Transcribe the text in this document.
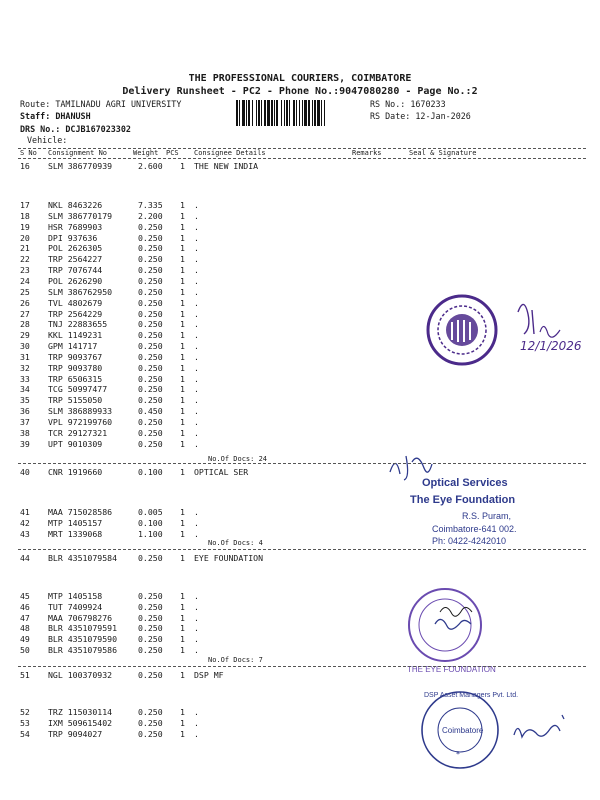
THE PROFESSIONAL COURIERS, COIMBATORE
Delivery Runsheet - PC2 - Phone No.:9047080280 - Page No.:2
Route: TAMILNADU AGRI UNIVERSITY
Staff: DHANUSH
DRS No.: DCJB167023302
Vehicle:
RS No.: 1670233
RS Date: 12-Jan-2026
S No Consignment No	Weight PCS Consignee Details	Remarks	Seal & Signature
16 SLM 386770939	2.600 1 THE NEW INDIA
17 NKL 8463226	7.335 1 .
18 SLM 386770179	2.200 1 .
19 HSR 7689903	0.250 1 .
20 DPI 937636	0.250 1 .
21 POL 2626305	0.250 1 .
22 TRP 2564227	0.250 1 .
23 TRP 7076744	0.250 1 .
24 POL 2626290	0.250 1 .
25 SLM 386762950	0.250 1 .
26 TVL 4802679	0.250 1 .
27 TRP 2564229	0.250 1 .
28 TNJ 22883655	0.250 1 .
29 KKL 1149231	0.250 1 .
30 GPM 141717	0.250 1 .
31 TRP 9093767	0.250 1 .
32 TRP 9093780	0.250 1 .
33 TRP 6506315	0.250 1 .
34 TCG 50997477	0.250 1 .
35 TRP 5155050	0.250 1 .
36 SLM 386889933	0.450 1 .
37 VPL 972199760	0.250 1 .
38 TCR 29127321	0.250 1 .
39 UPT 9010309	0.250 1 .
40 CNR 1919660	0.100 1 OPTICAL SER
41 MAA 715028586	0.005 1 .
42 MTP 1405157	0.100 1 .
43 MRT 1339068	1.100 1 .
44 BLR 4351079584	0.250 1 EYE FOUNDATION
45 MTP 1405158	0.250 1 .
46 TUT 7409924	0.250 1 .
47 MAA 706798276	0.250 1 .
48 BLR 4351079591	0.250 1 .
49 BLR 4351079590	0.250 1 .
50 BLR 4351079586	0.250 1 .
51 NGL 100370932	0.250 1 DSP MF
52 TRZ 115030114	0.250 1 .
53 IXM 509615402	0.250 1 .
54 TRP 9094027	0.250 1 .
No.Of Docs: 24
No.Of Docs: 4
No.Of Docs: 7
12/1/2026
Optical Services
The Eye Foundation
R.S. Puram,
Coimbatore-641 002.
Ph: 0422-4242010
THE EYE FOUNDATION
DSP Asset Managers Pvt. Ltd.
Coimbatore
*
